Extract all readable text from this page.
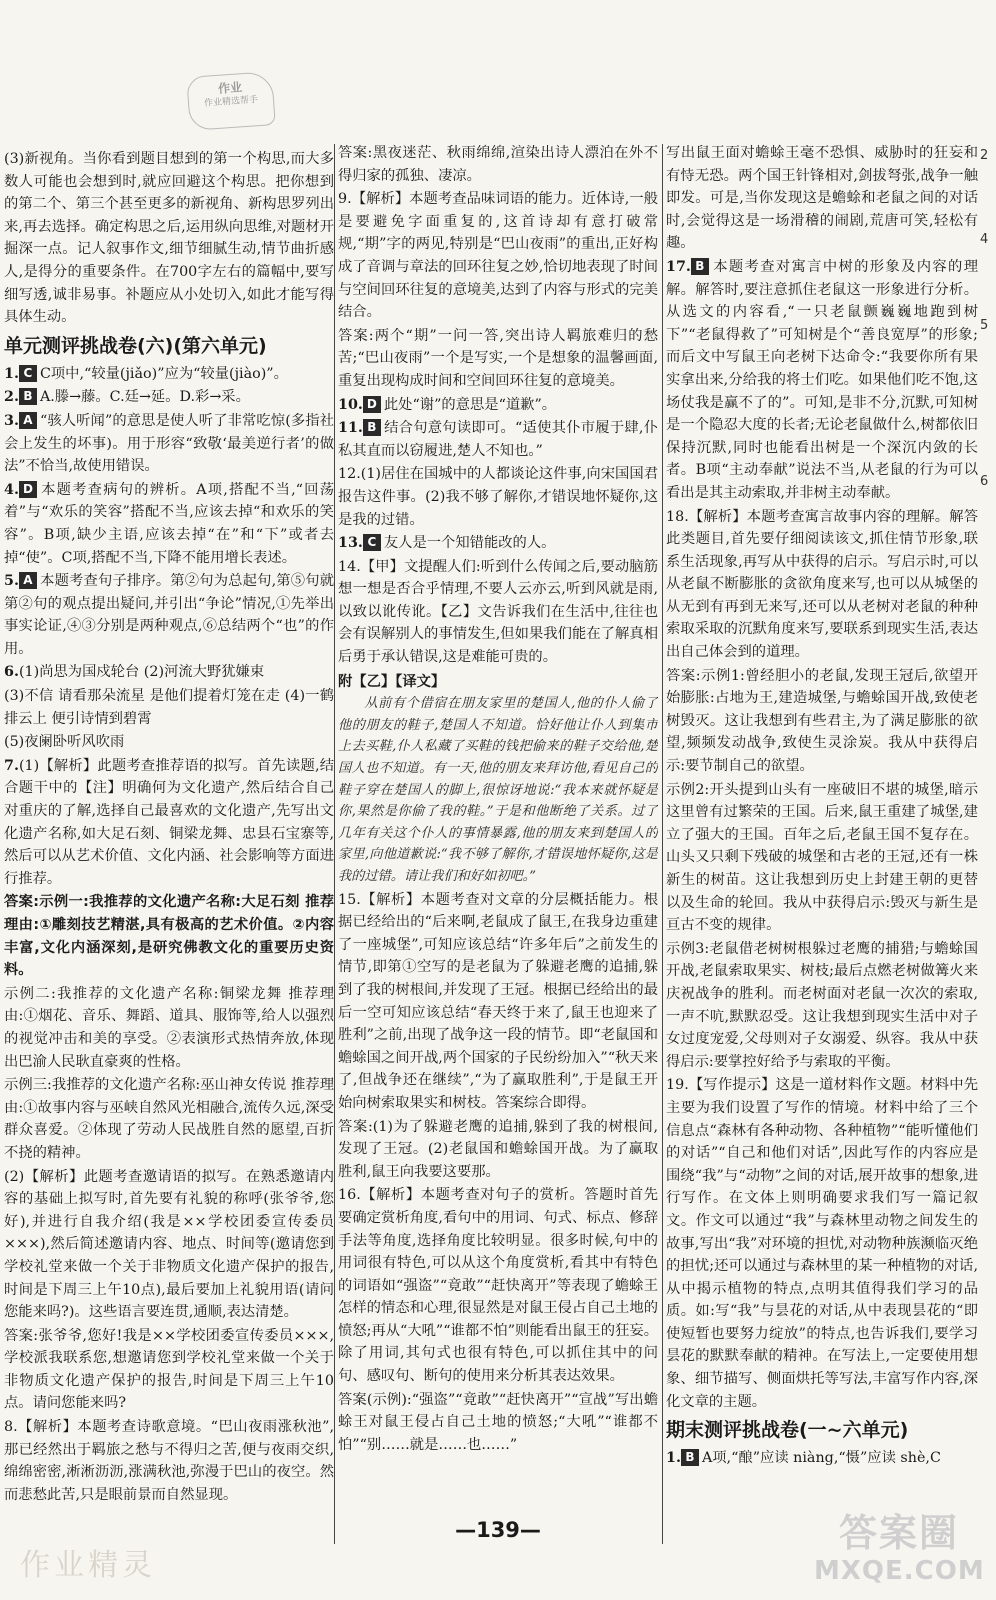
作业
作业精选帮手

(3)新视角。当你看到题目想到的第一个构思,而大多数人可能也会想到时,就应回避这个构思。把你想到的第二个、第三个甚至更多的新视角、新构思罗列出来,再去选择。确定构思之后,运用纵向思维,对题材开掘深一点。记人叙事作文,细节细腻生动,情节曲折感人,是得分的重要条件。在700字左右的篇幅中,要写细写透,诚非易事。补题应从小处切入,如此才能写得具体生动。

单元测评挑战卷(六)(第六单元)

1. C C项中,“较量(jiǎo)”应为“较量(jiào)”。

2. B A.滕→藤。C.廷→延。D.彩→采。

3. A “骇人听闻”的意思是使人听了非常吃惊(多指社会上发生的坏事)。用于形容“致敬‘最美逆行者’的做法”不恰当,故使用错误。

4. D 本题考查病句的辨析。A项,搭配不当,“回荡着”与“欢乐的笑容”搭配不当,应该去掉“和欢乐的笑容”。B项,缺少主语,应该去掉“在”和“下”或者去掉“使”。C项,搭配不当,下降不能用增长表述。

5. A 本题考查句子排序。第②句为总起句,第⑤句就第②句的观点提出疑问,并引出“争论”情况,①先举出事实论证,④③分别是两种观点,⑥总结两个“也”的作用。

6.(1)尚思为国戍轮台 (2)河流大野犹嫌束

(3)不信 请看那朵流星 是他们提着灯笼在走 (4)一鹤排云上 便引诗情到碧霄

(5)夜阑卧听风吹雨

7.(1)【解析】此题考查推荐语的拟写。首先读题,结合题干中的【注】明确何为文化遗产,然后结合自己对重庆的了解,选择自己最喜欢的文化遗产,先写出文化遗产名称,如大足石刻、铜梁龙舞、忠县石宝寨等,然后可以从艺术价值、文化内涵、社会影响等方面进行推荐。

答案:示例一:我推荐的文化遗产名称:大足石刻 推荐理由:①雕刻技艺精湛,具有极高的艺术价值。②内容丰富,文化内涵深刻,是研究佛教文化的重要历史资料。

示例二:我推荐的文化遗产名称:铜梁龙舞 推荐理由:①烟花、音乐、舞蹈、道具、服饰等,给人以强烈的视觉冲击和美的享受。②表演形式热情奔放,体现出巴渝人民耿直豪爽的性格。

示例三:我推荐的文化遗产名称:巫山神女传说 推荐理由:①故事内容与巫峡自然风光相融合,流传久远,深受群众喜爱。②体现了劳动人民战胜自然的愿望,百折不挠的精神。

(2)【解析】此题考查邀请语的拟写。在熟悉邀请内容的基础上拟写时,首先要有礼貌的称呼(张爷爷,您好),并进行自我介绍(我是××学校团委宣传委员×××),然后简述邀请内容、地点、时间等(邀请您到学校礼堂来做一个关于非物质文化遗产保护的报告,时间是下周三上午10点),最后要加上礼貌用语(请问您能来吗?)。这些语言要连贯,通顺,表达清楚。

答案:张爷爷,您好!我是××学校团委宣传委员×××,学校派我联系您,想邀请您到学校礼堂来做一个关于非物质文化遗产保护的报告,时间是下周三上午10点。请问您能来吗?

8.【解析】本题考查诗歌意境。“巴山夜雨涨秋池”,那已经然出于羁旅之愁与不得归之苦,便与夜雨交织,绵绵密密,淅淅沥沥,涨满秋池,弥漫于巴山的夜空。然而悲愁此苦,只是眼前景而自然显现。

答案:黑夜迷茫、秋雨绵绵,渲染出诗人漂泊在外不得归家的孤独、凄凉。

9.【解析】本题考查品味词语的能力。近体诗,一般是要避免字面重复的,这首诗却有意打破常规,“期”字的两见,特别是“巴山夜雨”的重出,正好构成了音调与章法的回环往复之妙,恰切地表现了时间与空间回环往复的意境美,达到了内容与形式的完美结合。

答案:两个“期”一问一答,突出诗人羁旅难归的愁苦;“巴山夜雨”一个是写实,一个是想象的温馨画面,重复出现构成时间和空间回环往复的意境美。

10. D 此处“谢”的意思是“道歉”。

11. B 结合句意句读即可。“适使其仆市履于肆,仆私其直而以窃履进,楚人不知也。”

12.(1)居住在国城中的人都谈论这件事,向宋国国君报告这件事。(2)我不够了解你,才错误地怀疑你,这是我的过错。

13. C 友人是一个知错能改的人。

14.【甲】文提醒人们:听到什么传闻之后,要动脑筋想一想是否合乎情理,不要人云亦云,听到风就是雨,以致以讹传讹。【乙】文告诉我们在生活中,往往也会有误解别人的事情发生,但如果我们能在了解真相后勇于承认错误,这是难能可贵的。

附【乙】【译文】

从前有个借宿在朋友家里的楚国人,他的仆人偷了他的朋友的鞋子,楚国人不知道。恰好他让仆人到集市上去买鞋,仆人私藏了买鞋的钱把偷来的鞋子交给他,楚国人也不知道。有一天,他的朋友来拜访他,看见自己的鞋子穿在楚国人的脚上,很惊讶地说:“我本来就怀疑是你,果然是你偷了我的鞋。”于是和他断绝了关系。过了几年有关这个仆人的事情暴露,他的朋友来到楚国人的家里,向他道歉说:“我不够了解你,才错误地怀疑你,这是我的过错。请让我们和好如初吧。”

15.【解析】本题考查对文章的分层概括能力。根据已经给出的“后来啊,老鼠成了鼠王,在我身边重建了一座城堡”,可知应该总结“许多年后”之前发生的情节,即第①空写的是老鼠为了躲避老鹰的追捕,躲到了我的树根间,并发现了王冠。根据已经给出的最后一空可知应该总结“春天终于来了,鼠王也迎来了胜利”之前,出现了战争这一段的情节。即“老鼠国和蟾蜍国之间开战,两个国家的子民纷纷加入”“秋天来了,但战争还在继续”,“为了赢取胜利”,于是鼠王开始向树索取果实和树枝。答案综合即得。

答案:(1)为了躲避老鹰的追捕,躲到了我的树根间,发现了王冠。(2)老鼠国和蟾蜍国开战。为了赢取胜利,鼠王向我要这要那。

16.【解析】本题考查对句子的赏析。答题时首先要确定赏析角度,看句中的用词、句式、标点、修辞手法等角度,选择角度比较明显。很多时候,句中的用词很有特色,可以从这个角度赏析,看其中有特色的词语如“强盗”“竟敢”“赶快离开”等表现了蟾蜍王怎样的情态和心理,很显然是对鼠王侵占自己土地的愤怒;再从“大吼”“谁都不怕”则能看出鼠王的狂妄。除了用词,其句式也很有特色,可以抓住其中的问句、感叹句、断句的使用来分析其表达效果。

答案(示例):“强盗”“竟敢”“赶快离开”“宣战”写出蟾蜍王对鼠王侵占自己土地的愤怒;“大吼”“谁都不怕”“别……就是……也……”

写出鼠王面对蟾蜍王毫不恐惧、威胁时的狂妄和有恃无恐。两个国王针锋相对,剑拔弩张,战争一触即发。可是,当你发现这是蟾蜍和老鼠之间的对话时,会觉得这是一场滑稽的闹剧,荒唐可笑,轻松有趣。

17. B 本题考查对寓言中树的形象及内容的理解。解答时,要注意抓住老鼠这一形象进行分析。从选文的内容看,“一只老鼠颤巍巍地跑到树下”“老鼠得救了”可知树是个“善良宽厚”的形象;而后文中写鼠王向老树下达命令:“我要你所有果实拿出来,分给我的将士们吃。如果他们吃不饱,这场仗我是赢不了的”。可知,是非不分,沉默,可知树是一个隐忍大度的长者;无论老鼠做什么,树都依旧保持沉默,同时也能看出树是一个深沉内敛的长者。B项“主动奉献”说法不当,从老鼠的行为可以看出是其主动索取,并非树主动奉献。

18.【解析】本题考查寓言故事内容的理解。解答此类题目,首先要仔细阅读该文,抓住情节形象,联系生活现象,再写从中获得的启示。写启示时,可以从老鼠不断膨胀的贪欲角度来写,也可以从城堡的从无到有再到无来写,还可以从老树对老鼠的种种索取采取的沉默角度来写,要联系到现实生活,表达出自己体会到的道理。

答案:示例1:曾经胆小的老鼠,发现王冠后,欲望开始膨胀:占地为王,建造城堡,与蟾蜍国开战,致使老树毁灭。这让我想到有些君主,为了满足膨胀的欲望,频频发动战争,致使生灵涂炭。我从中获得启示:要节制自己的欲望。

示例2:开头提到山头有一座破旧不堪的城堡,暗示这里曾有过繁荣的王国。后来,鼠王重建了城堡,建立了强大的王国。百年之后,老鼠王国不复存在。山头又只剩下残破的城堡和古老的王冠,还有一株新生的树苗。这让我想到历史上封建王朝的更替以及生命的轮回。我从中获得启示:毁灭与新生是亘古不变的规律。

示例3:老鼠借老树树根躲过老鹰的捕猎;与蟾蜍国开战,老鼠索取果实、树枝;最后点燃老树做篝火来庆祝战争的胜利。而老树面对老鼠一次次的索取,一声不吭,默默忍受。这让我想到现实生活中对子女过度宠爱,父母则对子女溺爱、纵容。我从中获得启示:要掌控好给予与索取的平衡。

19.【写作提示】这是一道材料作文题。材料中先主要为我们设置了写作的情境。材料中给了三个信息点“森林有各种动物、各种植物”“能听懂他们的对话”“自己和他们对话”,因此写作的内容应是围绕“我”与“动物”之间的对话,展开故事的想象,进行写作。在文体上则明确要求我们写一篇记叙文。作文可以通过“我”与森林里动物之间发生的故事,写出“我”对环境的担忧,对动物种族濒临灭绝的担忧;还可以通过与森林里的某一种植物的对话,从中揭示植物的特点,点明其值得我们学习的品质。如:写“我”与昙花的对话,从中表现昙花的“即使短暂也要努力绽放”的特点,也告诉我们,要学习昙花的默默奉献的精神。在写法上,一定要使用想象、细节描写、侧面烘托等写法,丰富写作内容,深化文章的主题。

期末测评挑战卷(一~六单元)

1. B A项,“酿”应读 niàng,“慑”应读 shè,C

2
4
5
6
—139—
作业精灵
答案圈
MXQE.COM
